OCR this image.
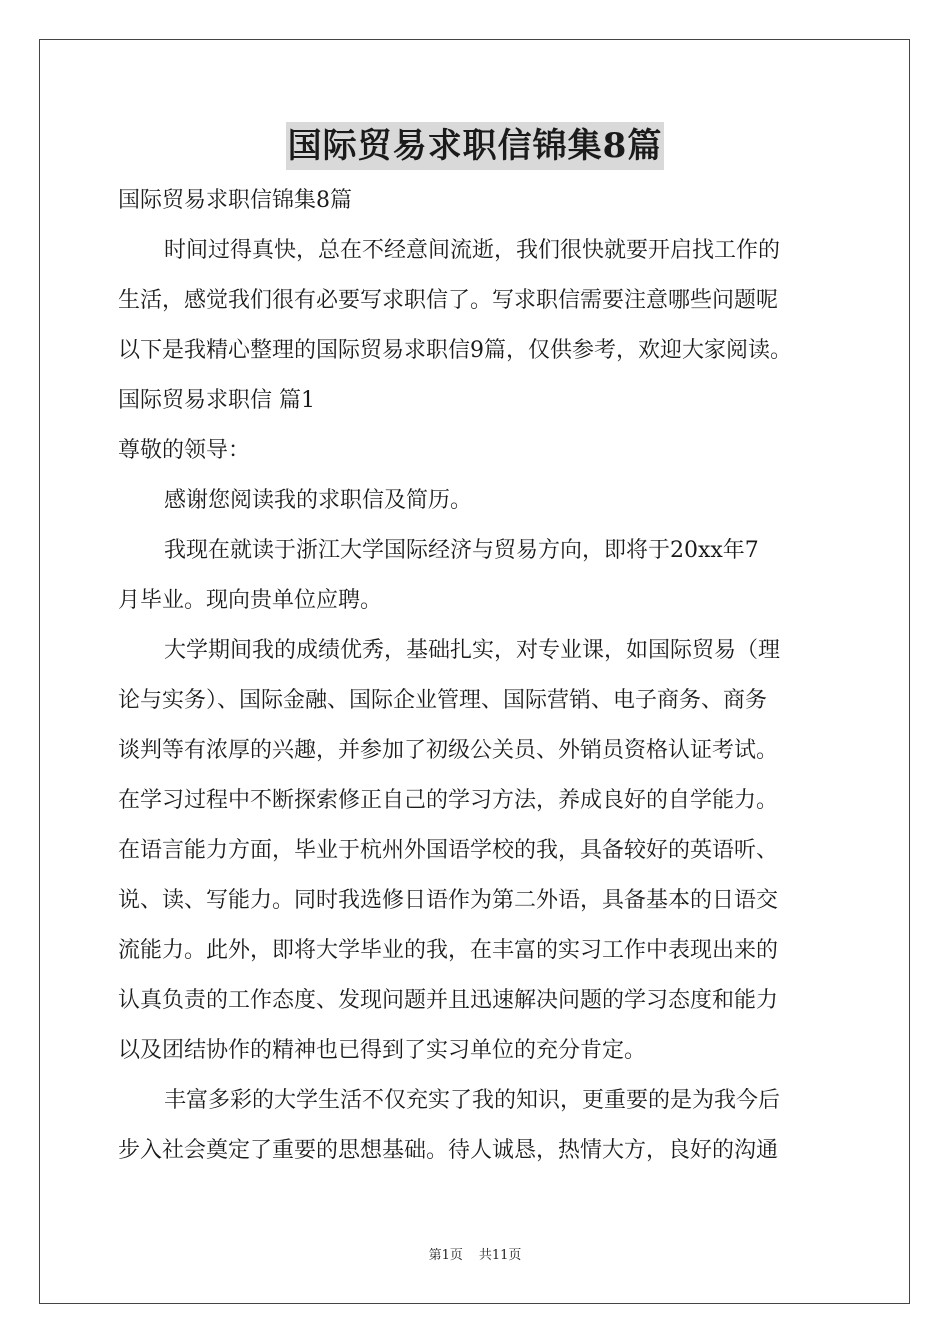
国际贸易求职信锦集8篇
国际贸易求职信锦集8篇
时间过得真快，总在不经意间流逝，我们很快就要开启找工作的
生活，感觉我们很有必要写求职信了。写求职信需要注意哪些问题呢
以下是我精心整理的国际贸易求职信9篇，仅供参考，欢迎大家阅读。
国际贸易求职信 篇1
尊敬的领导：
感谢您阅读我的求职信及简历。
我现在就读于浙江大学国际经济与贸易方向，即将于20xx年7
月毕业。现向贵单位应聘。
大学期间我的成绩优秀，基础扎实，对专业课，如国际贸易（理
论与实务）、国际金融、国际企业管理、国际营销、电子商务、商务
谈判等有浓厚的兴趣，并参加了初级公关员、外销员资格认证考试。
在学习过程中不断探索修正自己的学习方法，养成良好的自学能力。
在语言能力方面，毕业于杭州外国语学校的我，具备较好的英语听、
说、读、写能力。同时我选修日语作为第二外语，具备基本的日语交
流能力。此外，即将大学毕业的我，在丰富的实习工作中表现出来的
认真负责的工作态度、发现问题并且迅速解决问题的学习态度和能力
以及团结协作的精神也已得到了实习单位的充分肯定。
丰富多彩的大学生活不仅充实了我的知识，更重要的是为我今后
步入社会奠定了重要的思想基础。待人诚恳，热情大方，良好的沟通
第1页 共11页
